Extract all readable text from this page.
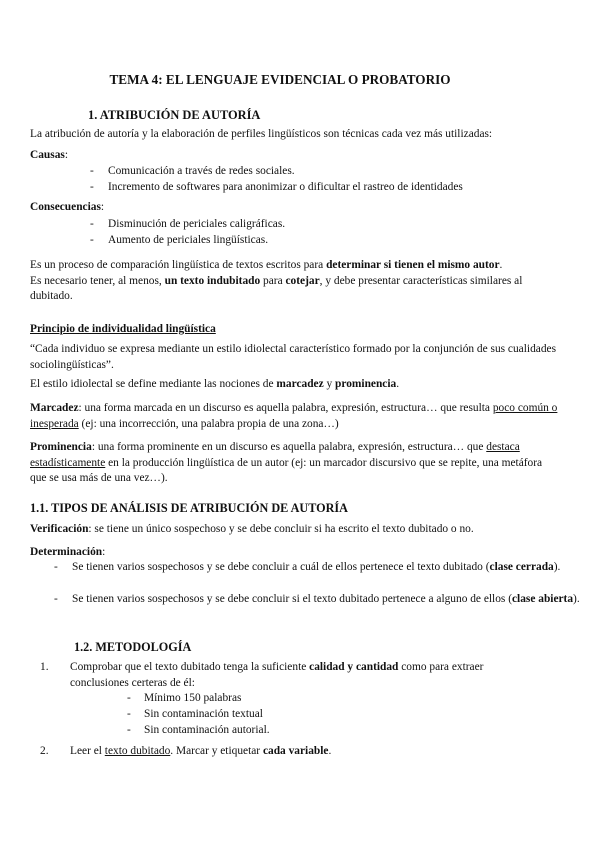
TEMA 4: EL LENGUAJE EVIDENCIAL O PROBATORIO
1. ATRIBUCIÓN DE AUTORÍA

La atribución de autoría y la elaboración de perfiles lingüísticos son técnicas cada vez más utilizadas:

Causas:

- Comunicación a través de redes sociales.
- Incremento de softwares para anonimizar o dificultar el rastreo de identidades

Consecuencias:

- Disminución de periciales caligráficas.
- Aumento de periciales lingüísticas.

Es un proceso de comparación lingüística de textos escritos para determinar si tienen el mismo autor.
Es necesario tener, al menos, un texto indubitado para cotejar, y debe presentar características similares al dubitado.

Principio de individualidad lingüística

“Cada individuo se expresa mediante un estilo idiolectal característico formado por la conjunción de sus cualidades sociolingüísticas”.

El estilo idiolectal se define mediante las nociones de marcadez y prominencia.

Marcadez: una forma marcada en un discurso es aquella palabra, expresión, estructura… que resulta poco común o inesperada (ej: una incorrección, una palabra propia de una zona…)

Prominencia: una forma prominente en un discurso es aquella palabra, expresión, estructura… que destaca estadísticamente en la producción lingüística de un autor (ej: un marcador discursivo que se repite, una metáfora que se usa más de una vez…).

1.1. TIPOS DE ANÁLISIS DE ATRIBUCIÓN DE AUTORÍA

Verificación: se tiene un único sospechoso y se debe concluir si ha escrito el texto dubitado o no.

Determinación:

- Se tienen varios sospechosos y se debe concluir a cuál de ellos pertenece el texto dubitado (clase cerrada).
- Se tienen varios sospechosos y se debe concluir si el texto dubitado pertenece a alguno de ellos (clase abierta).

1.2. METODOLOGÍA

1. Comprobar que el texto dubitado tenga la suficiente calidad y cantidad como para extraer conclusiones certeras de él:
- Mínimo 150 palabras
- Sin contaminación textual
- Sin contaminación autorial.
2. Leer el texto dubitado. Marcar y etiquetar cada variable.
